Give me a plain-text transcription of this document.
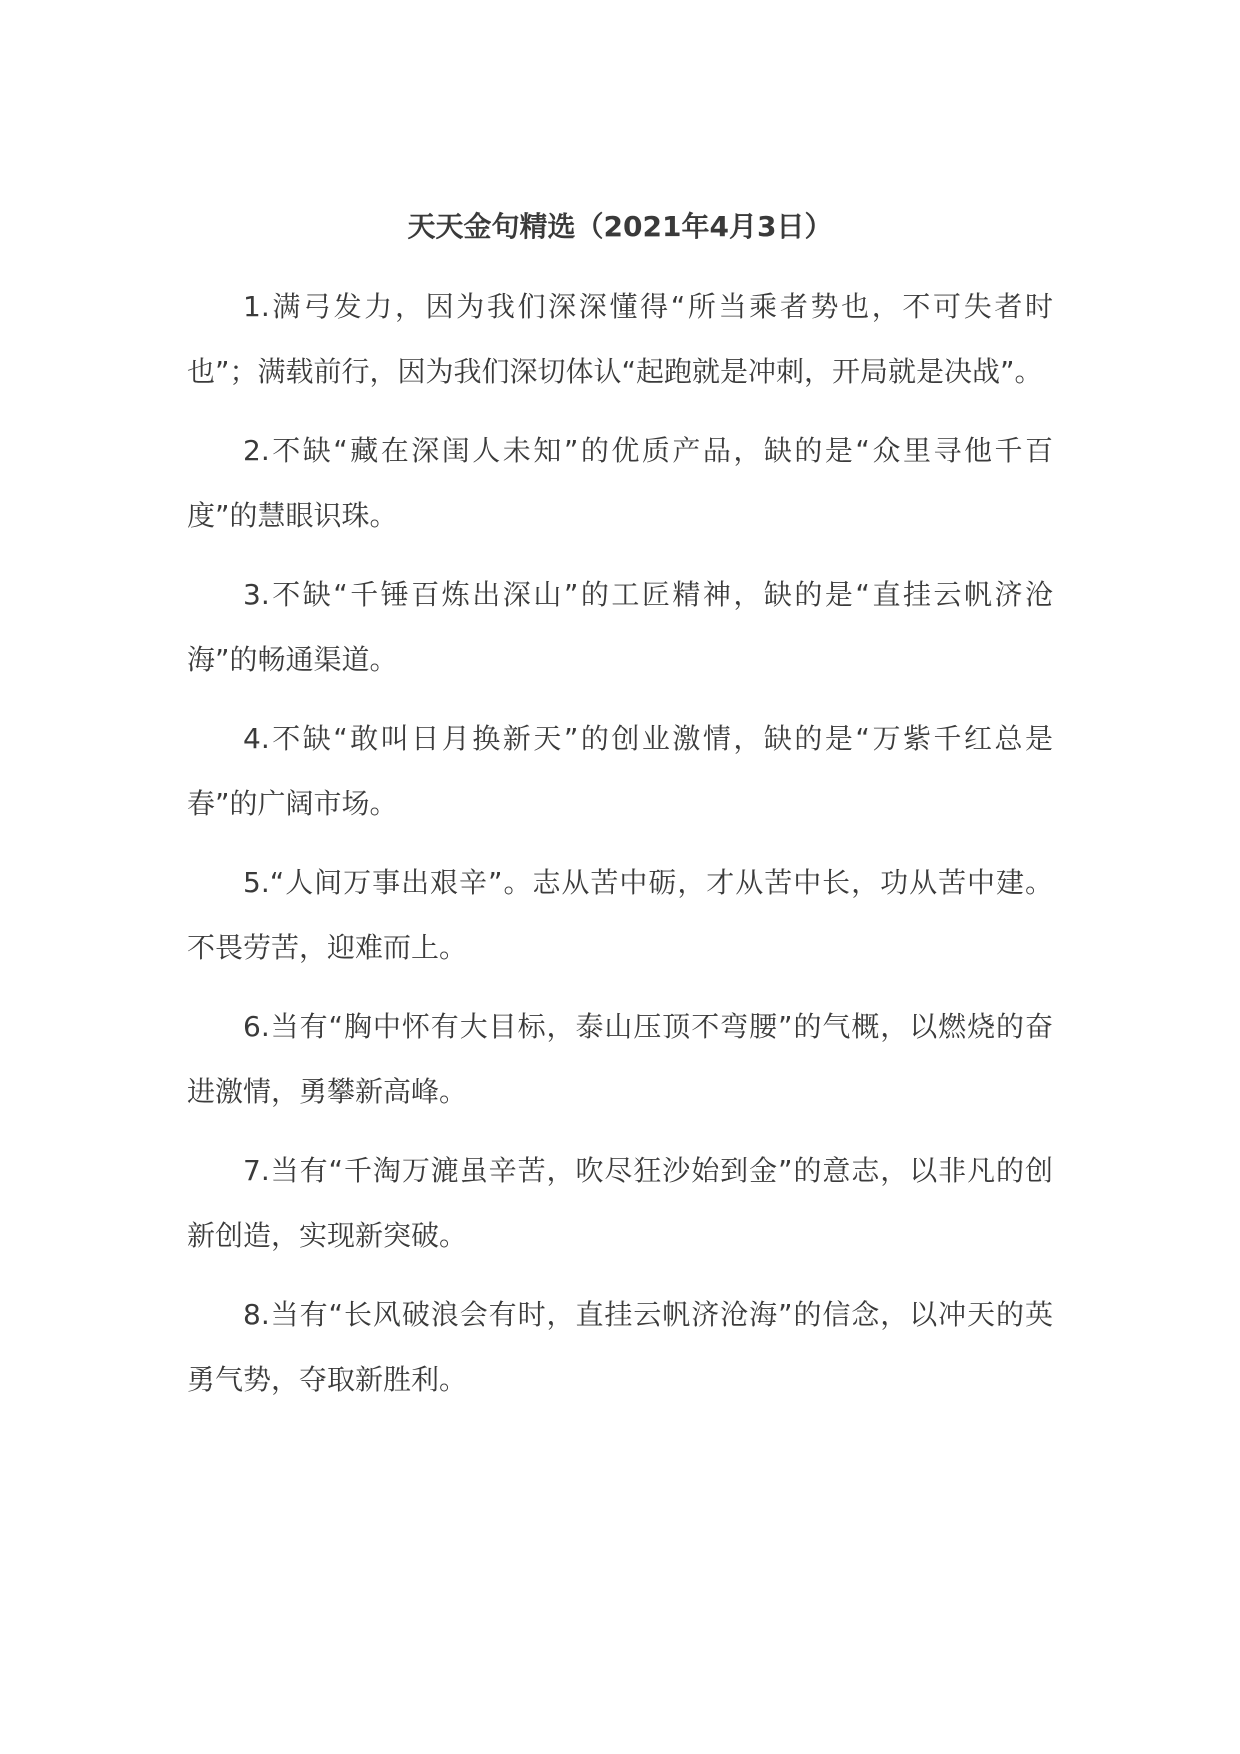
天天金句精选（2021年4月3日）

1.满弓发力，因为我们深深懂得“所当乘者势也，不可失者时也”；满载前行，因为我们深切体认“起跑就是冲刺，开局就是决战”。

2.不缺“藏在深闺人未知”的优质产品，缺的是“众里寻他千百度”的慧眼识珠。

3.不缺“千锤百炼出深山”的工匠精神，缺的是“直挂云帆济沧海”的畅通渠道。

4.不缺“敢叫日月换新天”的创业激情，缺的是“万紫千红总是春”的广阔市场。

5.“人间万事出艰辛”。志从苦中砺，才从苦中长，功从苦中建。不畏劳苦，迎难而上。

6.当有“胸中怀有大目标，泰山压顶不弯腰”的气概，以燃烧的奋进激情，勇攀新高峰。

7.当有“千淘万漉虽辛苦，吹尽狂沙始到金”的意志，以非凡的创新创造，实现新突破。

8.当有“长风破浪会有时，直挂云帆济沧海”的信念，以冲天的英勇气势，夺取新胜利。
